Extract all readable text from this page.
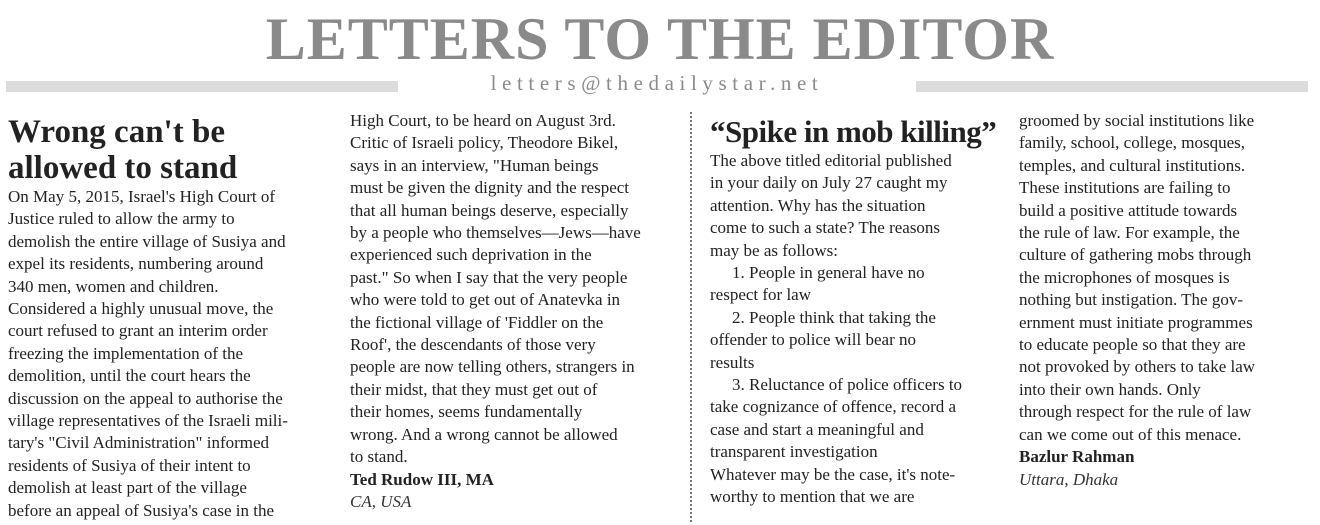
LETTERS TO THE EDITOR
letters@thedailystar.net
Wrong can't be
allowed to stand

On May 5, 2015, Israel's High Court of

Justice ruled to allow the army to

demolish the entire village of Susiya and

expel its residents, numbering around

340 men, women and children.

Considered a highly unusual move, the

court refused to grant an interim order

freezing the implementation of the

demolition, until the court hears the

discussion on the appeal to authorise the

village representatives of the Israeli mili-

tary's "Civil Administration" informed

residents of Susiya of their intent to

demolish at least part of the village

before an appeal of Susiya's case in the

High Court, to be heard on August 3rd.

Critic of Israeli policy, Theodore Bikel,

says in an interview, "Human beings

must be given the dignity and the respect

that all human beings deserve, especially

by a people who themselves—Jews—have

experienced such deprivation in the

past." So when I say that the very people

who were told to get out of Anatevka in

the fictional village of 'Fiddler on the

Roof', the descendants of those very

people are now telling others, strangers in

their midst, that they must get out of

their homes, seems fundamentally

wrong. And a wrong cannot be allowed

to stand.

Ted Rudow III, MA

CA, USA

“Spike in mob killing”

The above titled editorial published

in your daily on July 27 caught my

attention. Why has the situation

come to such a state? The reasons

may be as follows:

1. People in general have no

respect for law

2. People think that taking the

offender to police will bear no

results

3. Reluctance of police officers to

take cognizance of offence, record a

case and start a meaningful and

transparent investigation

Whatever may be the case, it's note-

worthy to mention that we are

groomed by social institutions like

family, school, college, mosques,

temples, and cultural institutions.

These institutions are failing to

build a positive attitude towards

the rule of law. For example, the

culture of gathering mobs through

the microphones of mosques is

nothing but instigation. The gov-

ernment must initiate programmes

to educate people so that they are

not provoked by others to take law

into their own hands. Only

through respect for the rule of law

can we come out of this menace.

Bazlur Rahman

Uttara, Dhaka
